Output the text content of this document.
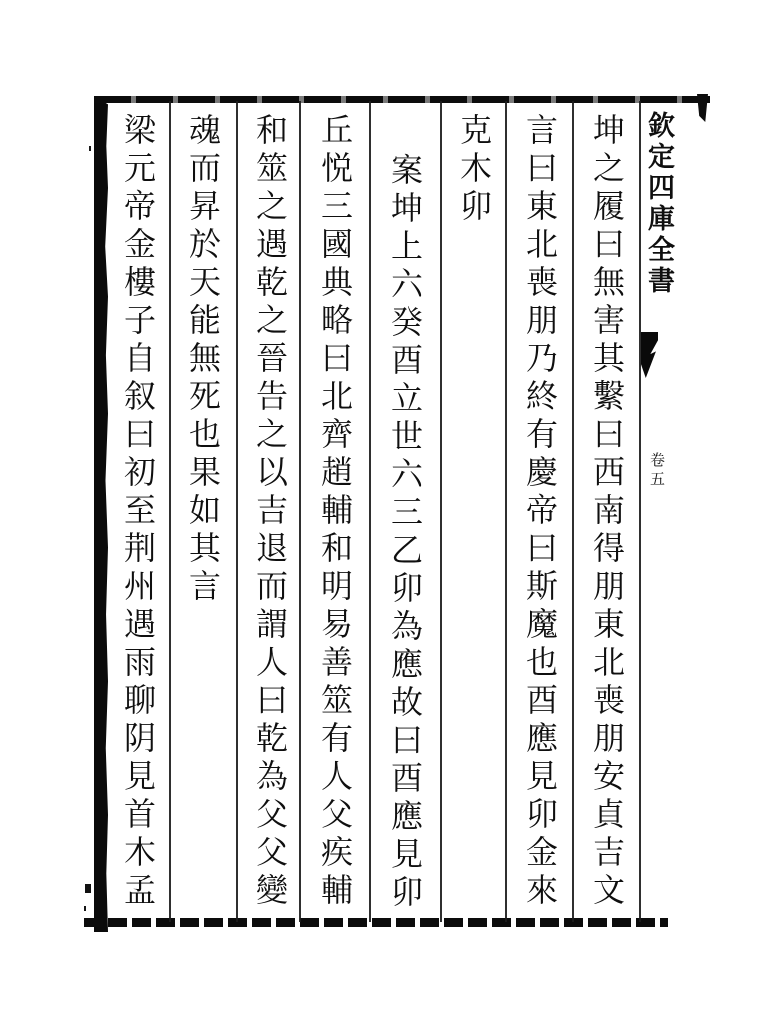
欽定四庫全書
卷五
坤之履曰無害其繫曰西南得朋東北喪朋安貞吉文
言曰東北喪朋乃終有慶帝曰斯魔也酉應見卯金來
克木卯
案坤上六癸酉立世六三乙卯為應故曰酉應見卯
丘悦三國典略曰北齊趙輔和明易善筮有人父疾輔
和筮之遇乾之晉告之以吉退而謂人曰乾為父父變
魂而昇於天能無死也果如其言
梁元帝金樓子自叙曰初至荆州遇雨聊阴見首木孟
